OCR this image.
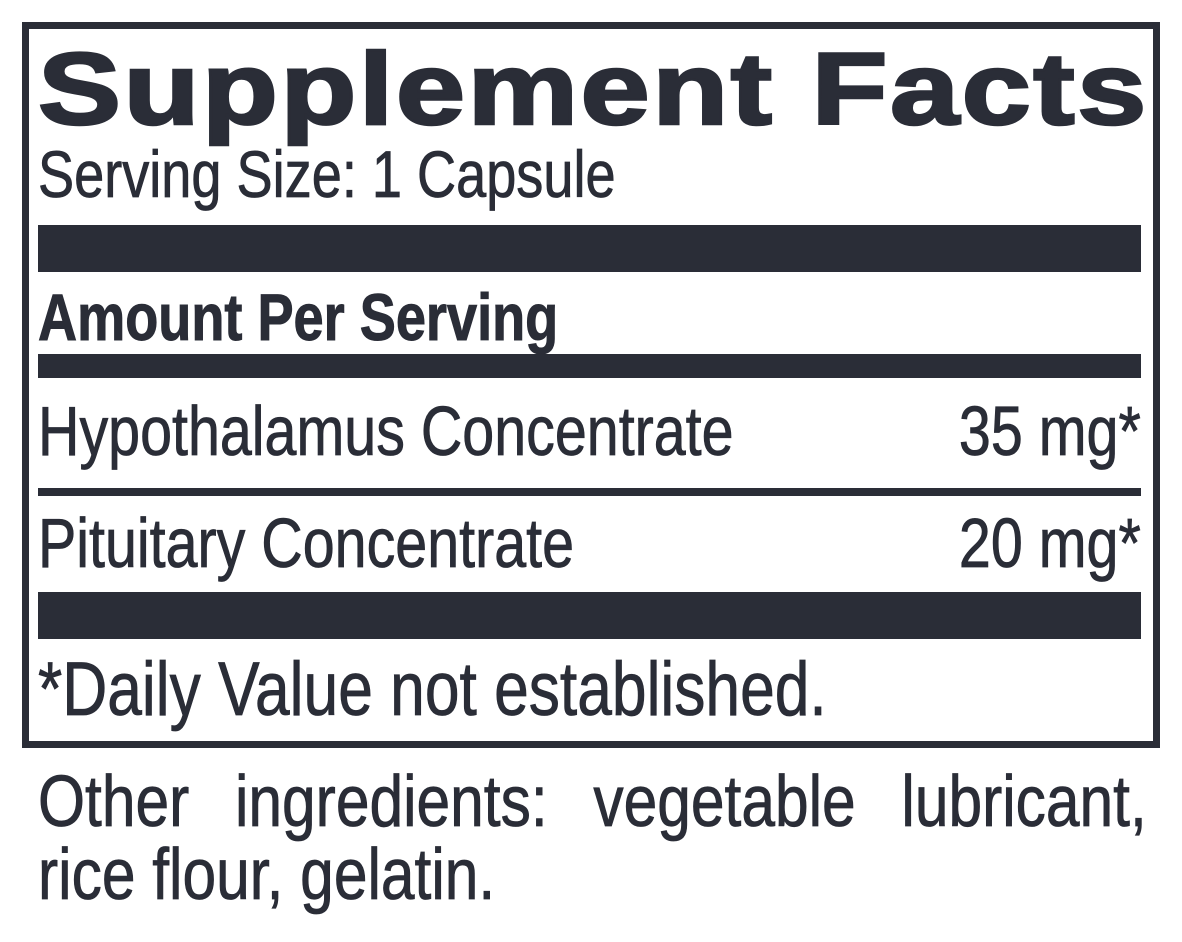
Supplement Facts
Serving Size: 1 Capsule
Amount Per Serving
Hypothalamus Concentrate	35 mg*
Pituitary Concentrate	20 mg*
*Daily Value not established.
Other ingredients: vegetable lubricant,
rice flour, gelatin.
